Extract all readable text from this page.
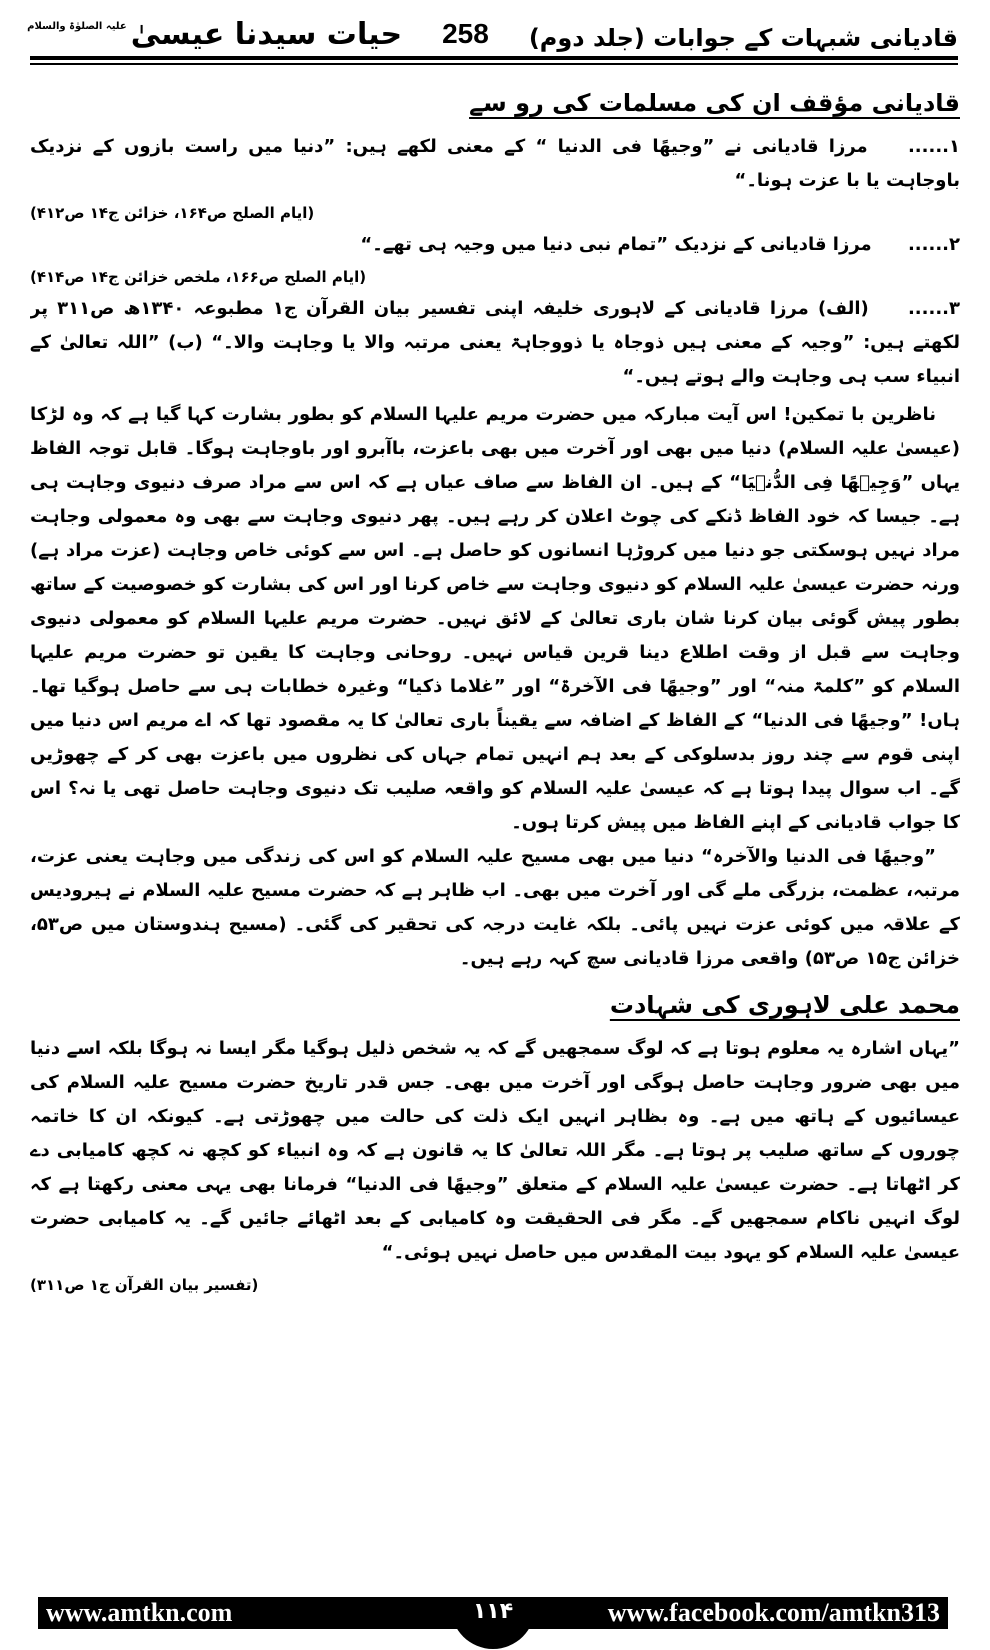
قادیانی شبہات کے جوابات (جلد دوم)
258
حیات سیدنا عیسیٰ
علیہ الصلوٰۃ والسلام
قادیانی مؤقف ان کی مسلمات کی رو سے

۱...... مرزا قادیانی نے ”وجیھًا فی الدنیا “ کے معنی لکھے ہیں: ”دنیا میں راست بازوں کے نزدیک باوجاہت یا با عزت ہونا۔“

(ایام الصلح ص۱۶۴، خزائن ج۱۴ ص۴۱۲)

۲...... مرزا قادیانی کے نزدیک ”تمام نبی دنیا میں وجیہ ہی تھے۔“

(ایام الصلح ص۱۶۶، ملخص خزائن ج۱۴ ص۴۱۴)

۳...... (الف) مرزا قادیانی کے لاہوری خلیفہ اپنی تفسیر بیان القرآن ج۱ مطبوعہ ۱۳۴۰ھ ص۳۱۱ پر لکھتے ہیں: ”وجیہ کے معنی ہیں ذوجاہ یا ذووجاہۃ یعنی مرتبہ والا یا وجاہت والا۔“ (ب) ”اللہ تعالیٰ کے انبیاء سب ہی وجاہت والے ہوتے ہیں۔“

ناظرین با تمکین! اس آیت مبارکہ میں حضرت مریم علیہا السلام کو بطور بشارت کہا گیا ہے کہ وہ لڑکا (عیسیٰ علیہ السلام) دنیا میں بھی اور آخرت میں بھی باعزت، باآبرو اور باوجاہت ہوگا۔ قابل توجہ الفاظ یہاں ”وَجِیۡھًا فِی الدُّنۡیَا“ کے ہیں۔ ان الفاظ سے صاف عیاں ہے کہ اس سے مراد صرف دنیوی وجاہت ہی ہے۔ جیسا کہ خود الفاظ ڈنکے کی چوٹ اعلان کر رہے ہیں۔ پھر دنیوی وجاہت سے بھی وہ معمولی وجاہت مراد نہیں ہوسکتی جو دنیا میں کروڑہا انسانوں کو حاصل ہے۔ اس سے کوئی خاص وجاہت (عزت مراد ہے) ورنہ حضرت عیسیٰ علیہ السلام کو دنیوی وجاہت سے خاص کرنا اور اس کی بشارت کو خصوصیت کے ساتھ بطور پیش گوئی بیان کرنا شان باری تعالیٰ کے لائق نہیں۔ حضرت مریم علیہا السلام کو معمولی دنیوی وجاہت سے قبل از وقت اطلاع دینا قرین قیاس نہیں۔ روحانی وجاہت کا یقین تو حضرت مریم علیہا السلام کو ”کلمۃ منہ“ اور ”وجیھًا فی الآخرۃ“ اور ”غلاما ذکیا“ وغیرہ خطابات ہی سے حاصل ہوگیا تھا۔ ہاں! ”وجیھًا فی الدنیا“ کے الفاظ کے اضافہ سے یقیناً باری تعالیٰ کا یہ مقصود تھا کہ اے مریم اس دنیا میں اپنی قوم سے چند روز بدسلوکی کے بعد ہم انہیں تمام جہاں کی نظروں میں باعزت بھی کر کے چھوڑیں گے۔ اب سوال پیدا ہوتا ہے کہ عیسیٰ علیہ السلام کو واقعہ صلیب تک دنیوی وجاہت حاصل تھی یا نہ؟ اس کا جواب قادیانی کے اپنے الفاظ میں پیش کرتا ہوں۔

”وجیھًا فی الدنیا والآخرہ“ دنیا میں بھی مسیح علیہ السلام کو اس کی زندگی میں وجاہت یعنی عزت، مرتبہ، عظمت، بزرگی ملے گی اور آخرت میں بھی۔ اب ظاہر ہے کہ حضرت مسیح علیہ السلام نے ہیرودیس کے علاقہ میں کوئی عزت نہیں پائی۔ بلکہ غایت درجہ کی تحقیر کی گئی۔ (مسیح ہندوستان میں ص۵۳، خزائن ج۱۵ ص۵۳) واقعی مرزا قادیانی سچ کہہ رہے ہیں۔

محمد علی لاہوری کی شہادت

”یہاں اشارہ یہ معلوم ہوتا ہے کہ لوگ سمجھیں گے کہ یہ شخص ذلیل ہوگیا مگر ایسا نہ ہوگا بلکہ اسے دنیا میں بھی ضرور وجاہت حاصل ہوگی اور آخرت میں بھی۔ جس قدر تاریخ حضرت مسیح علیہ السلام کی عیسائیوں کے ہاتھ میں ہے۔ وہ بظاہر انہیں ایک ذلت کی حالت میں چھوڑتی ہے۔ کیونکہ ان کا خاتمہ چوروں کے ساتھ صلیب پر ہوتا ہے۔ مگر اللہ تعالیٰ کا یہ قانون ہے کہ وہ انبیاء کو کچھ نہ کچھ کامیابی دے کر اٹھاتا ہے۔ حضرت عیسیٰ علیہ السلام کے متعلق ”وجیھًا فی الدنیا“ فرمانا بھی یہی معنی رکھتا ہے کہ لوگ انہیں ناکام سمجھیں گے۔ مگر فی الحقیقت وہ کامیابی کے بعد اٹھائے جائیں گے۔ یہ کامیابی حضرت عیسیٰ علیہ السلام کو یہود بیت المقدس میں حاصل نہیں ہوئی۔“

(تفسیر بیان القرآن ج۱ ص۳۱۱)

www.amtkn.com	www.facebook.com/amtkn313
۱۱۴
